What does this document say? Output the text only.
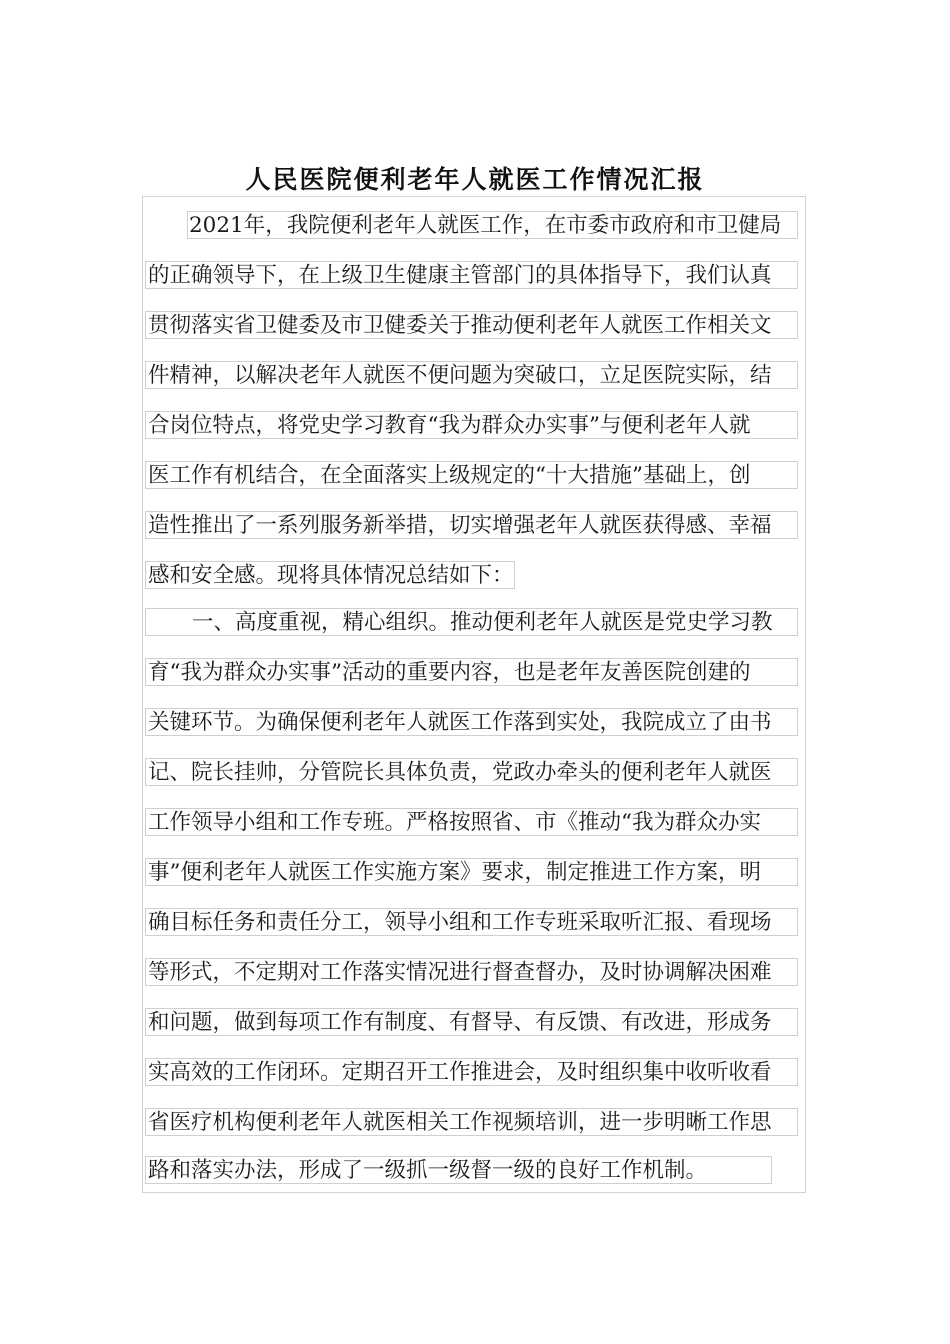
人民医院便利老年人就医工作情况汇报
2021年，我院便利老年人就医工作，在市委市政府和市卫健局
的正确领导下，在上级卫生健康主管部门的具体指导下，我们认真
贯彻落实省卫健委及市卫健委关于推动便利老年人就医工作相关文
件精神，以解决老年人就医不便问题为突破口，立足医院实际，结
合岗位特点，将党史学习教育“我为群众办实事”与便利老年人就
医工作有机结合，在全面落实上级规定的“十大措施”基础上，创
造性推出了一系列服务新举措，切实增强老年人就医获得感、幸福
感和安全感。现将具体情况总结如下：
一、高度重视，精心组织。推动便利老年人就医是党史学习教
育“我为群众办实事”活动的重要内容，也是老年友善医院创建的
关键环节。为确保便利老年人就医工作落到实处，我院成立了由书
记、院长挂帅，分管院长具体负责，党政办牵头的便利老年人就医
工作领导小组和工作专班。严格按照省、市《推动“我为群众办实
事”便利老年人就医工作实施方案》要求，制定推进工作方案，明
确目标任务和责任分工，领导小组和工作专班采取听汇报、看现场
等形式，不定期对工作落实情况进行督查督办，及时协调解决困难
和问题，做到每项工作有制度、有督导、有反馈、有改进，形成务
实高效的工作闭环。定期召开工作推进会，及时组织集中收听收看
省医疗机构便利老年人就医相关工作视频培训，进一步明晰工作思
路和落实办法，形成了一级抓一级督一级的良好工作机制。
